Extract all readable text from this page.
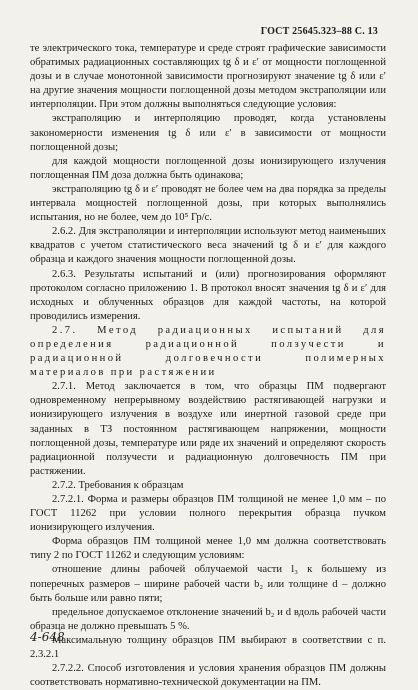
ГОСТ 25645.323–88 С. 13

те электрического тока, температуре и среде строят графические зависимости обратимых радиационных составляющих tg δ и ε′ от мощности поглощенной дозы и в случае монотонной зависимости прогнозируют значение tg δ или ε′ на другие значения мощности поглощенной дозы методом экстраполяции или интерполяции. При этом должны выполняться следующие условия:

экстраполяцию и интерполяцию проводят, когда установлены закономерности изменения tg δ или ε′ в зависимости от мощности поглощенной дозы;

для каждой мощности поглощенной дозы ионизирующего излучения поглощенная ПМ доза должна быть одинакова;

экстраполяцию tg δ и ε′ проводят не более чем на два порядка за пределы интервала мощностей поглощенной дозы, при которых выполнялись испытания, но не более, чем до 10⁵ Гр/с.

2.6.2. Для экстраполяции и интерполяции используют метод наименьших квадратов с учетом статистического веса значений tg δ и ε′ для каждого образца и каждого значения мощности поглощенной дозы.

2.6.3. Результаты испытаний и (или) прогнозирования оформляют протоколом согласно приложению 1. В протокол вносят значения tg δ и ε′ для исходных и облученных образцов для каждой частоты, на которой проводились измерения.

2.7. Метод радиационных испытаний для определения радиационной ползучести и радиационной долговечности полимерных материалов при растяжении

2.7.1. Метод заключается в том, что образцы ПМ подвергают одновременному непрерывному воздействию растягивающей нагрузки и ионизирующего излучения в воздухе или инертной газовой среде при заданных в ТЗ постоянном растягивающем напряжении, мощности поглощенной дозы, температуре или ряде их значений и определяют скорость радиационной ползучести и радиационную долговечность ПМ при растяжении.

2.7.2. Требования к образцам

2.7.2.1. Форма и размеры образцов ПМ толщиной не менее 1,0 мм – по ГОСТ 11262 при условии полного перекрытия образца пучком ионизирующего излучения.

Форма образцов ПМ толщиной менее 1,0 мм должна соответствовать типу 2 по ГОСТ 11262 и следующим условиям:

отношение длины рабочей облучаемой части l₃ к большему из поперечных размеров – ширине рабочей части b₂ или толщине d – должно быть больше или равно пяти;

предельное допускаемое отклонение значений b₂ и d вдоль рабочей части образца не должно превышать 5 %.

Максимальную толщину образцов ПМ выбирают в соответствии с п. 2.3.2.1

2.7.2.2. Способ изготовления и условия хранения образцов ПМ должны соответствовать нормативно-технической документации на ПМ.

4-648
